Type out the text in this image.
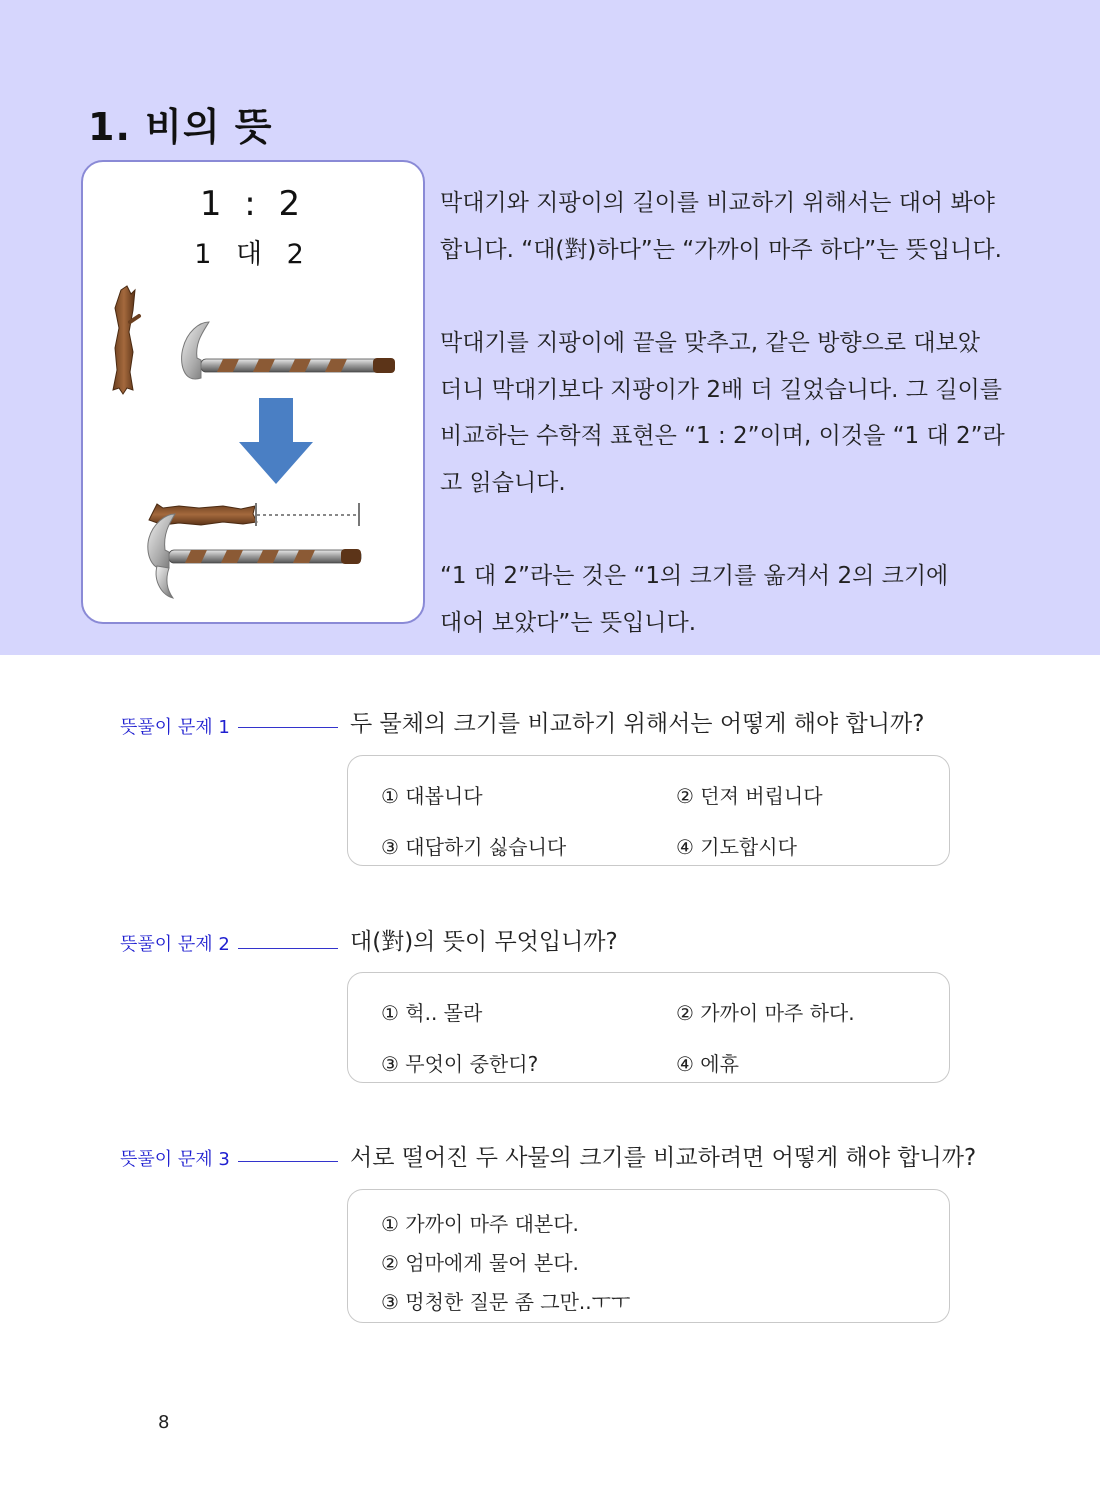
1. 비의 뜻
1 : 2
1 대 2

막대기와 지팡이의 길이를 비교하기 위해서는 대어 봐야

합니다. “대(對)하다”는 “가까이 마주 하다”는 뜻입니다.

막대기를 지팡이에 끝을 맞추고, 같은 방향으로 대보았

더니 막대기보다 지팡이가 2배 더 길었습니다. 그 길이를

비교하는 수학적 표현은 “1 : 2”이며, 이것을 “1 대 2”라

고 읽습니다.

“1 대 2”라는 것은 “1의 크기를 옮겨서 2의 크기에

대어 보았다”는 뜻입니다.

뜻풀이 문제 1	두 물체의 크기를 비교하기 위해서는 어떻게 해야 합니까?
① 대봅니다	② 던져 버립니다
③ 대답하기 싫습니다	④ 기도합시다
뜻풀이 문제 2	대(對)의 뜻이 무엇입니까?
① 헉.. 몰라	② 가까이 마주 하다.
③ 무엇이 중한디?	④ 에휴
뜻풀이 문제 3	서로 떨어진 두 사물의 크기를 비교하려면 어떻게 해야 합니까?
① 가까이 마주 대본다.
② 엄마에게 물어 본다.
③ 멍청한 질문 좀 그만..ㅜㅜ
8
